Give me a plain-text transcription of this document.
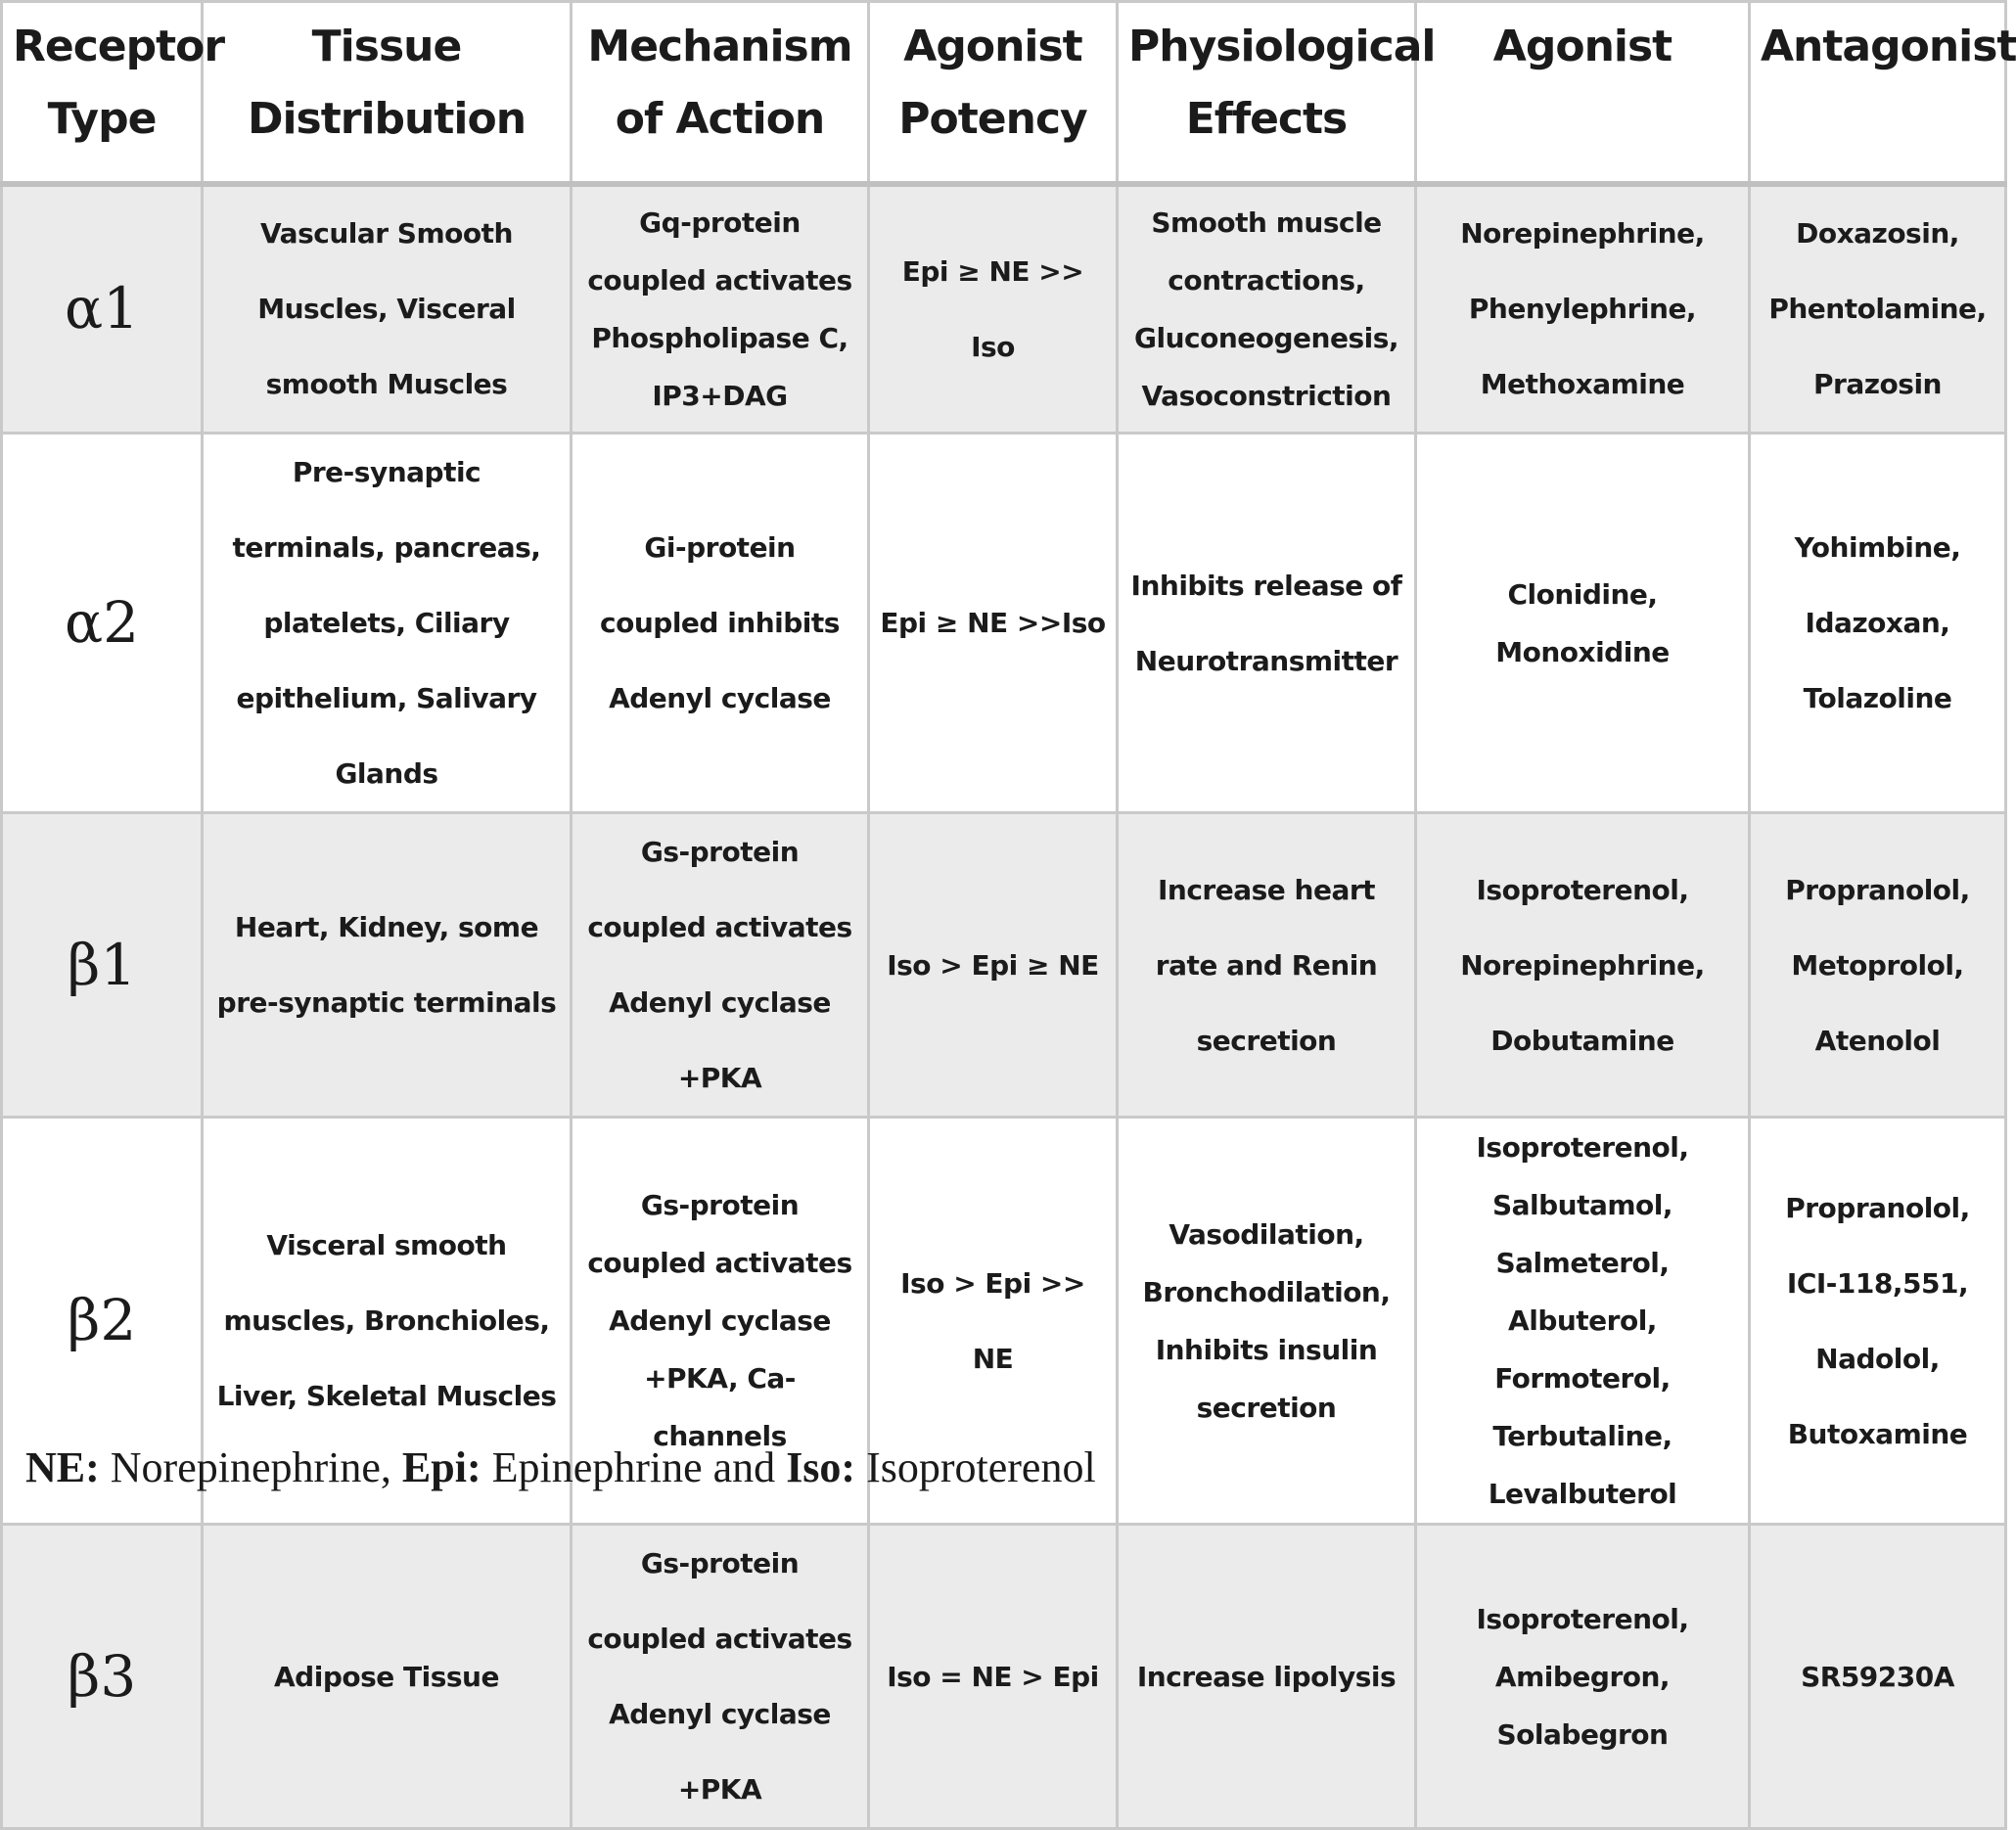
Receptor Type	Tissue Distribution	Mechanism of Action	Agonist Potency	Physiological Effects	Agonist	Antagonist
α1	Vascular Smooth Muscles, Visceral smooth Muscles	Gq-protein coupled activates Phospholipase C, IP3+DAG	Epi ≥ NE >> Iso	Smooth muscle contractions, Gluconeogenesis, Vasoconstriction	Norepinephrine, Phenylephrine, Methoxamine	Doxazosin, Phentolamine, Prazosin
α2	Pre-synaptic terminals, pancreas, platelets, Ciliary epithelium, Salivary Glands	Gi-protein coupled inhibits Adenyl cyclase	Epi ≥ NE >>Iso	Inhibits release of Neurotransmitter	Clonidine, Monoxidine	Yohimbine, Idazoxan, Tolazoline
β1	Heart, Kidney, some pre-synaptic terminals	Gs-protein coupled activates Adenyl cyclase +PKA	Iso > Epi ≥ NE	Increase heart rate and Renin secretion	Isoproterenol, Norepinephrine, Dobutamine	Propranolol, Metoprolol, Atenolol
β2	Visceral smooth muscles, Bronchioles, Liver, Skeletal Muscles	Gs-protein coupled activates Adenyl cyclase +PKA, Ca-channels	Iso > Epi >> NE	Vasodilation, Bronchodilation, Inhibits insulin secretion	Isoproterenol, Salbutamol, Salmeterol, Albuterol, Formoterol, Terbutaline, Levalbuterol	Propranolol, ICI-118,551, Nadolol, Butoxamine
β3	Adipose Tissue	Gs-protein coupled activates Adenyl cyclase +PKA	Iso = NE > Epi	Increase lipolysis	Isoproterenol, Amibegron, Solabegron	SR59230A
NE: Norepinephrine, Epi: Epinephrine and Iso: Isoproterenol
